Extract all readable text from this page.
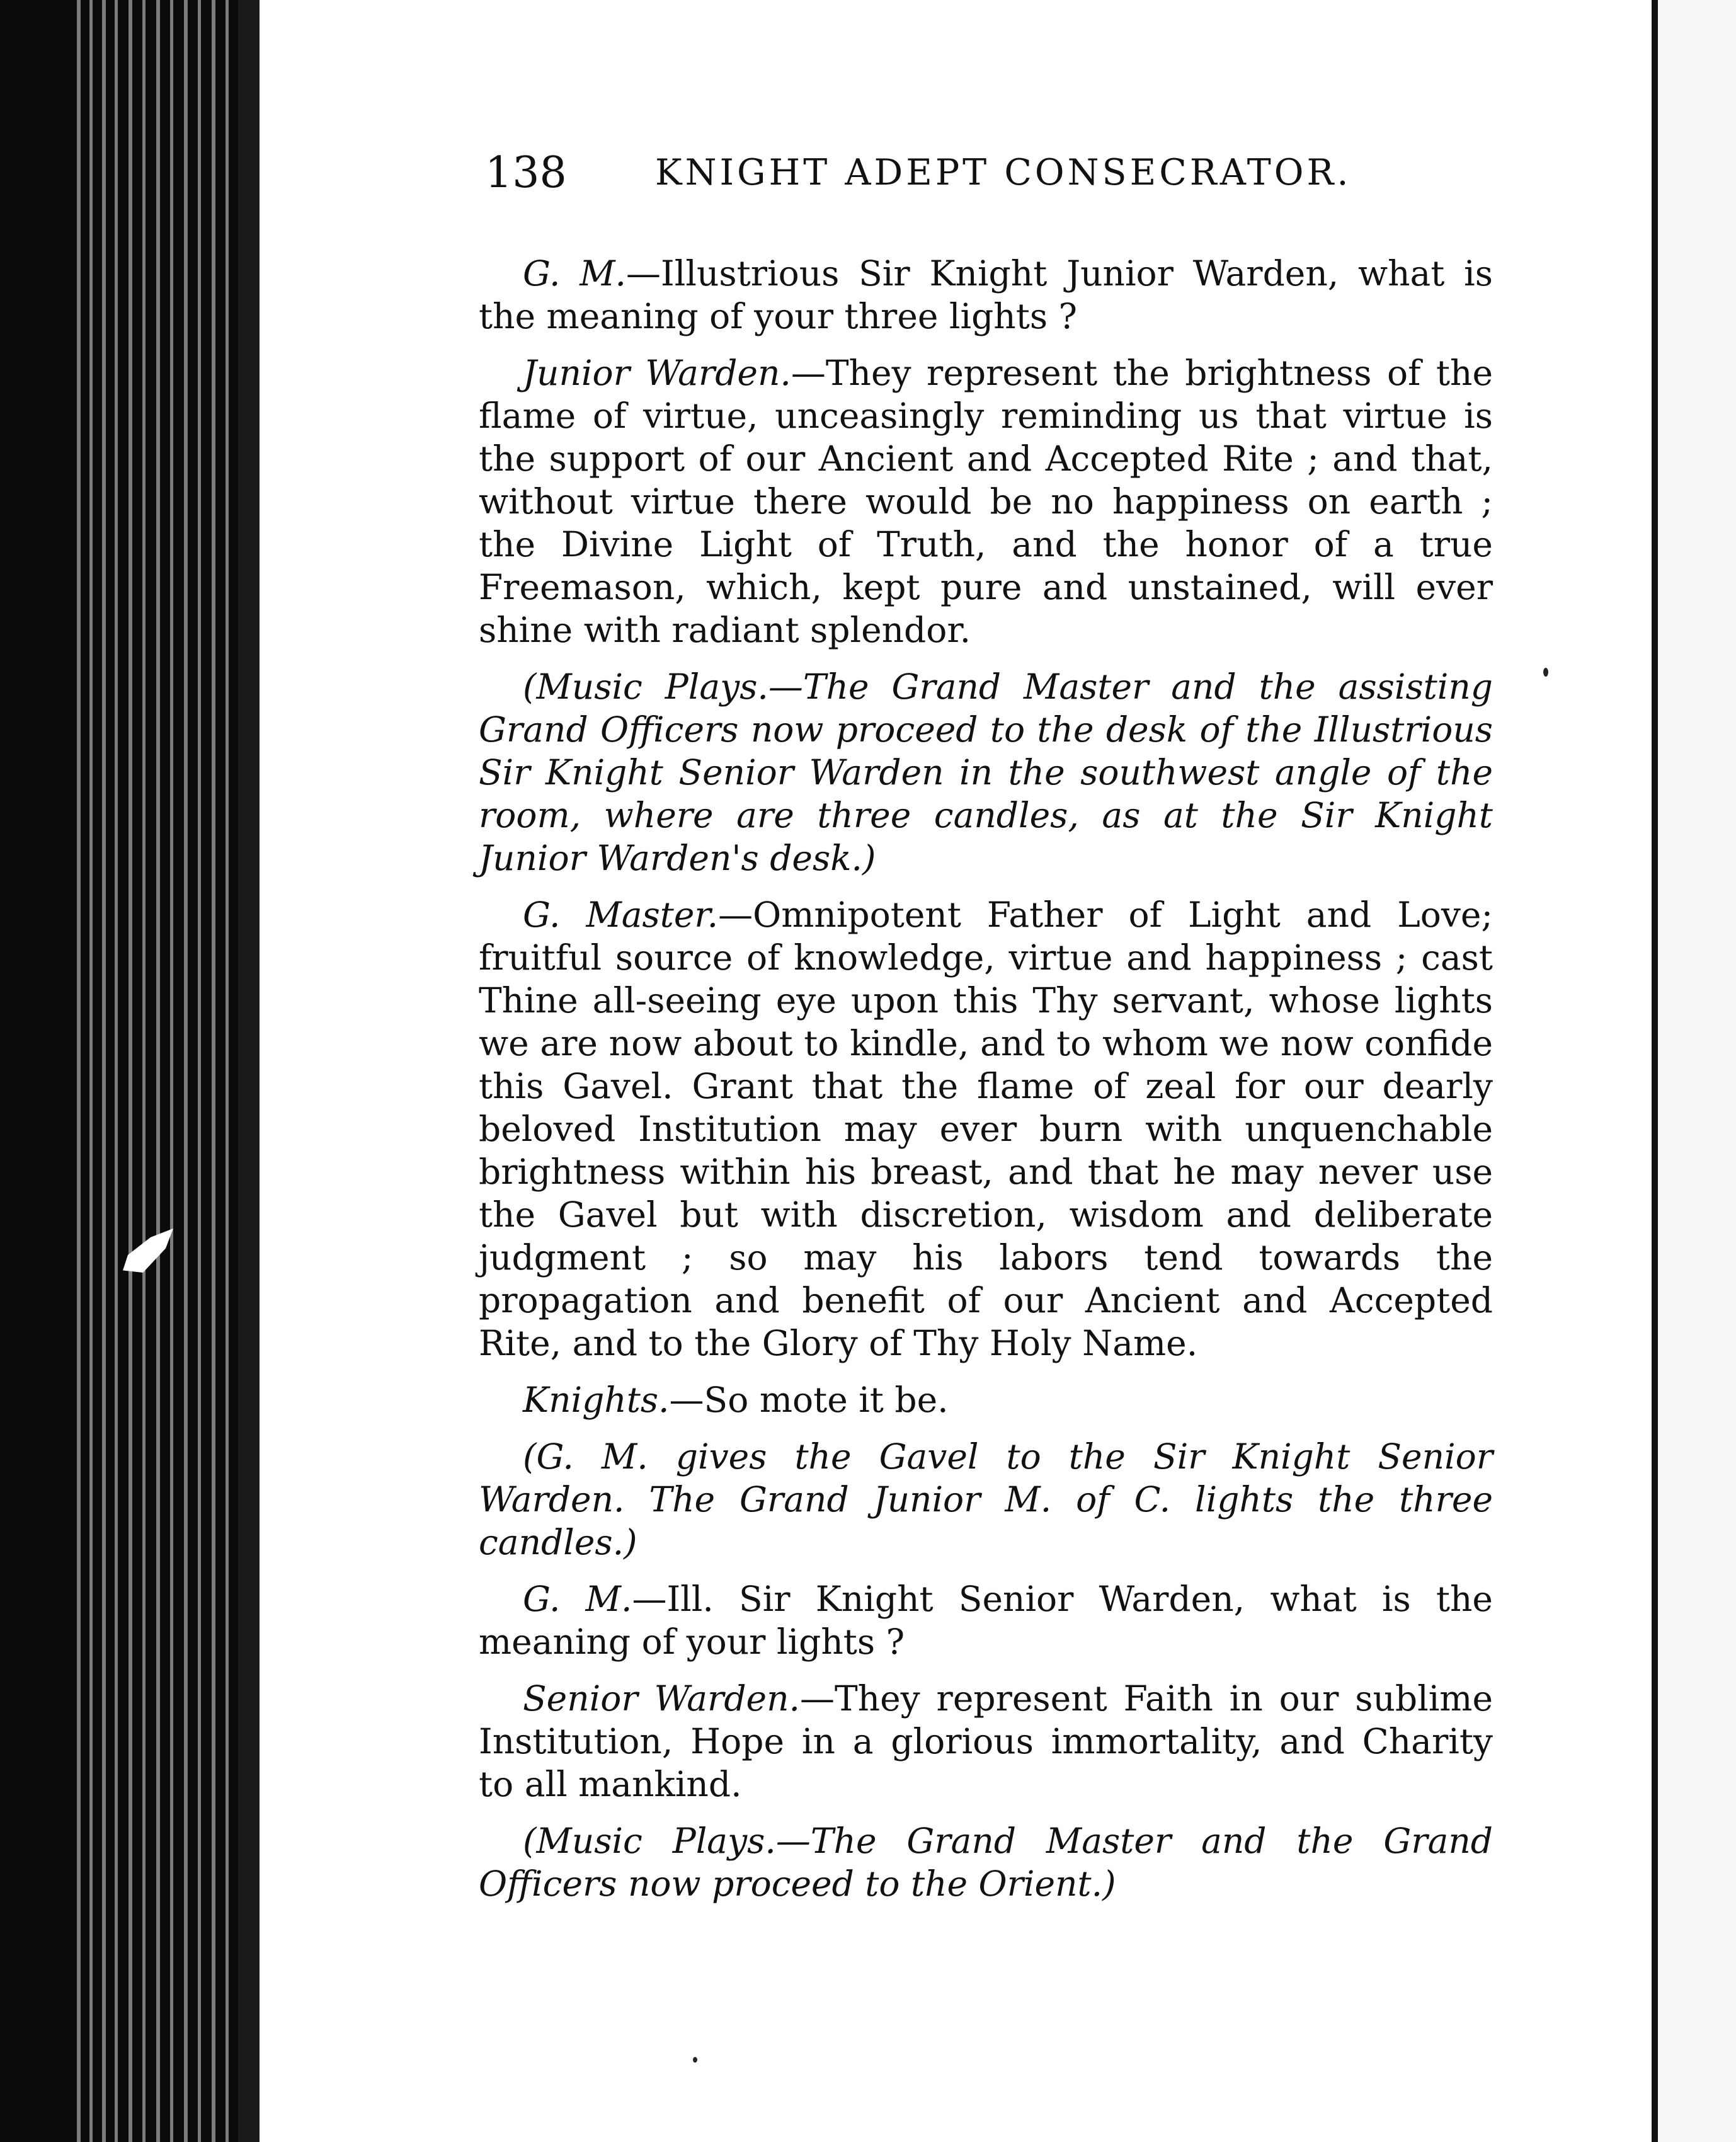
138 KNIGHT ADEPT CONSECRATOR.

G. M.—Illustrious Sir Knight Junior Warden, what is the meaning of your three lights ?

Junior Warden.—They represent the brightness of the flame of virtue, unceasingly reminding us that virtue is the support of our Ancient and Accepted Rite ; and that, without virtue there would be no happiness on earth ; the Divine Light of Truth, and the honor of a true Freemason, which, kept pure and unstained, will ever shine with radiant splendor.

(Music Plays.—The Grand Master and the assisting Grand Officers now proceed to the desk of the Illustrious Sir Knight Senior Warden in the southwest angle of the room, where are three candles, as at the Sir Knight Junior Warden's desk.)

G. Master.—Omnipotent Father of Light and Love; fruitful source of knowledge, virtue and happiness ; cast Thine all-seeing eye upon this Thy servant, whose lights we are now about to kindle, and to whom we now confide this Gavel. Grant that the flame of zeal for our dearly beloved Institution may ever burn with unquenchable brightness within his breast, and that he may never use the Gavel but with discretion, wisdom and deliberate judgment ; so may his labors tend towards the propagation and benefit of our Ancient and Accepted Rite, and to the Glory of Thy Holy Name.

Knights.—So mote it be.

(G. M. gives the Gavel to the Sir Knight Senior Warden. The Grand Junior M. of C. lights the three candles.)

G. M.—Ill. Sir Knight Senior Warden, what is the meaning of your lights ?

Senior Warden.—They represent Faith in our sublime Institution, Hope in a glorious immortality, and Charity to all mankind.

(Music Plays.—The Grand Master and the Grand Officers now proceed to the Orient.)
